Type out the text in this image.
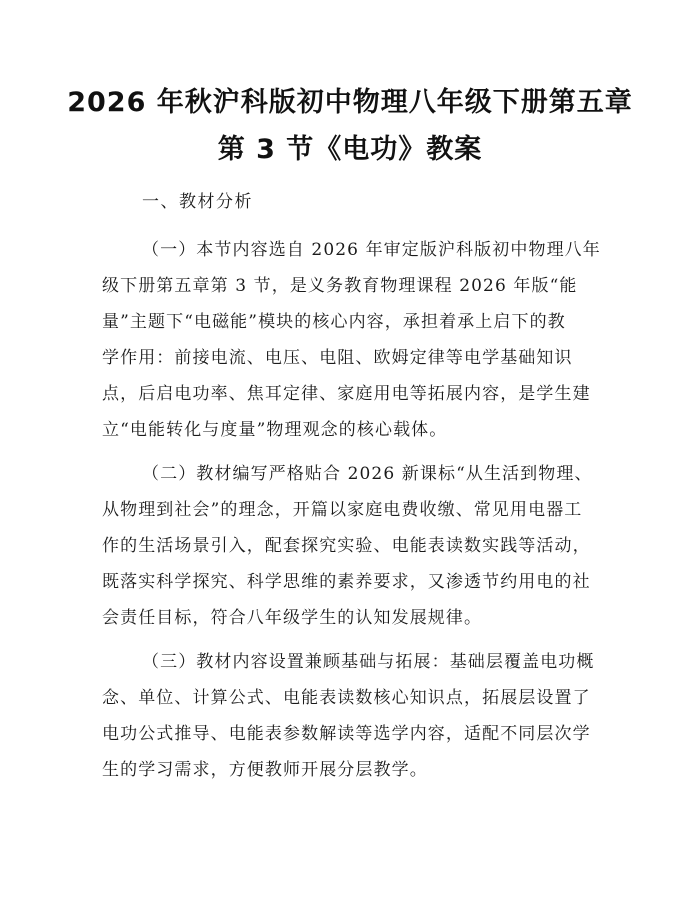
2026 年秋沪科版初中物理八年级下册第五章
第 3 节《电功》教案
一、教材分析
（一）本节内容选自 2026 年审定版沪科版初中物理八年
级下册第五章第 3 节，是义务教育物理课程 2026 年版“能
量”主题下“电磁能”模块的核心内容，承担着承上启下的教
学作用：前接电流、电压、电阻、欧姆定律等电学基础知识
点，后启电功率、焦耳定律、家庭用电等拓展内容，是学生建
立“电能转化与度量”物理观念的核心载体。
（二）教材编写严格贴合 2026 新课标“从生活到物理、
从物理到社会”的理念，开篇以家庭电费收缴、常见用电器工
作的生活场景引入，配套探究实验、电能表读数实践等活动，
既落实科学探究、科学思维的素养要求，又渗透节约用电的社
会责任目标，符合八年级学生的认知发展规律。
（三）教材内容设置兼顾基础与拓展：基础层覆盖电功概
念、单位、计算公式、电能表读数核心知识点，拓展层设置了
电功公式推导、电能表参数解读等选学内容，适配不同层次学
生的学习需求，方便教师开展分层教学。
